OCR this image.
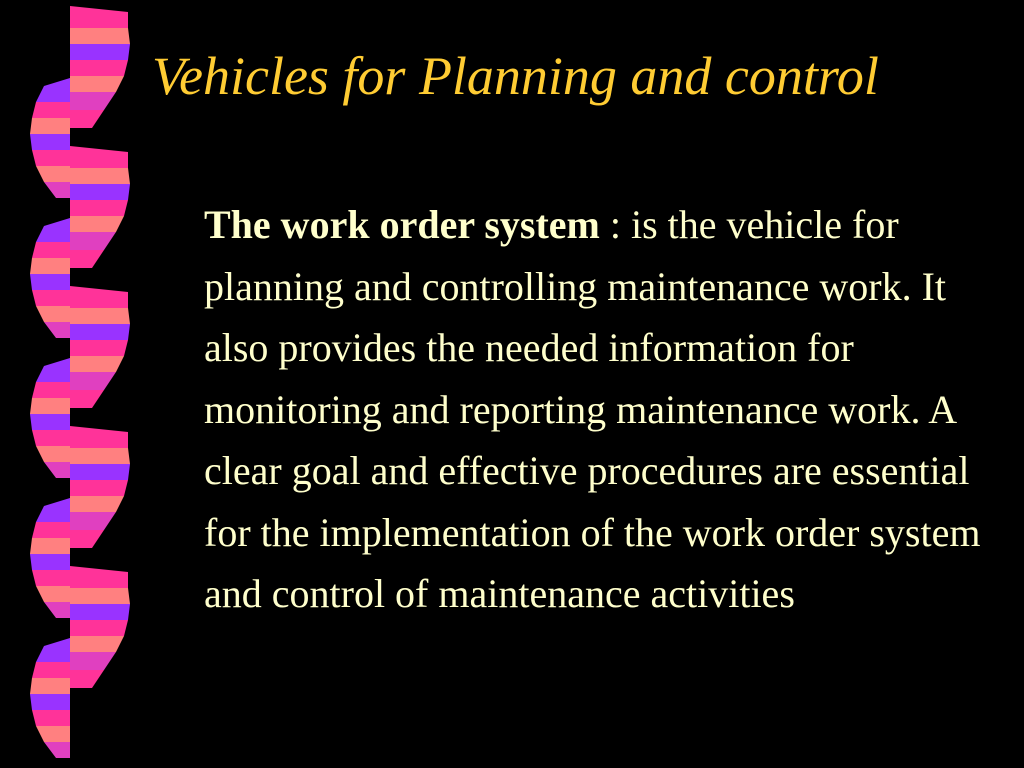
Vehicles for Planning and control

The work order system : is the vehicle for planning and controlling maintenance work. It also provides the needed information for monitoring and reporting maintenance work. A clear goal and effective procedures are essential for the implementation of the work order system and control of maintenance activities
